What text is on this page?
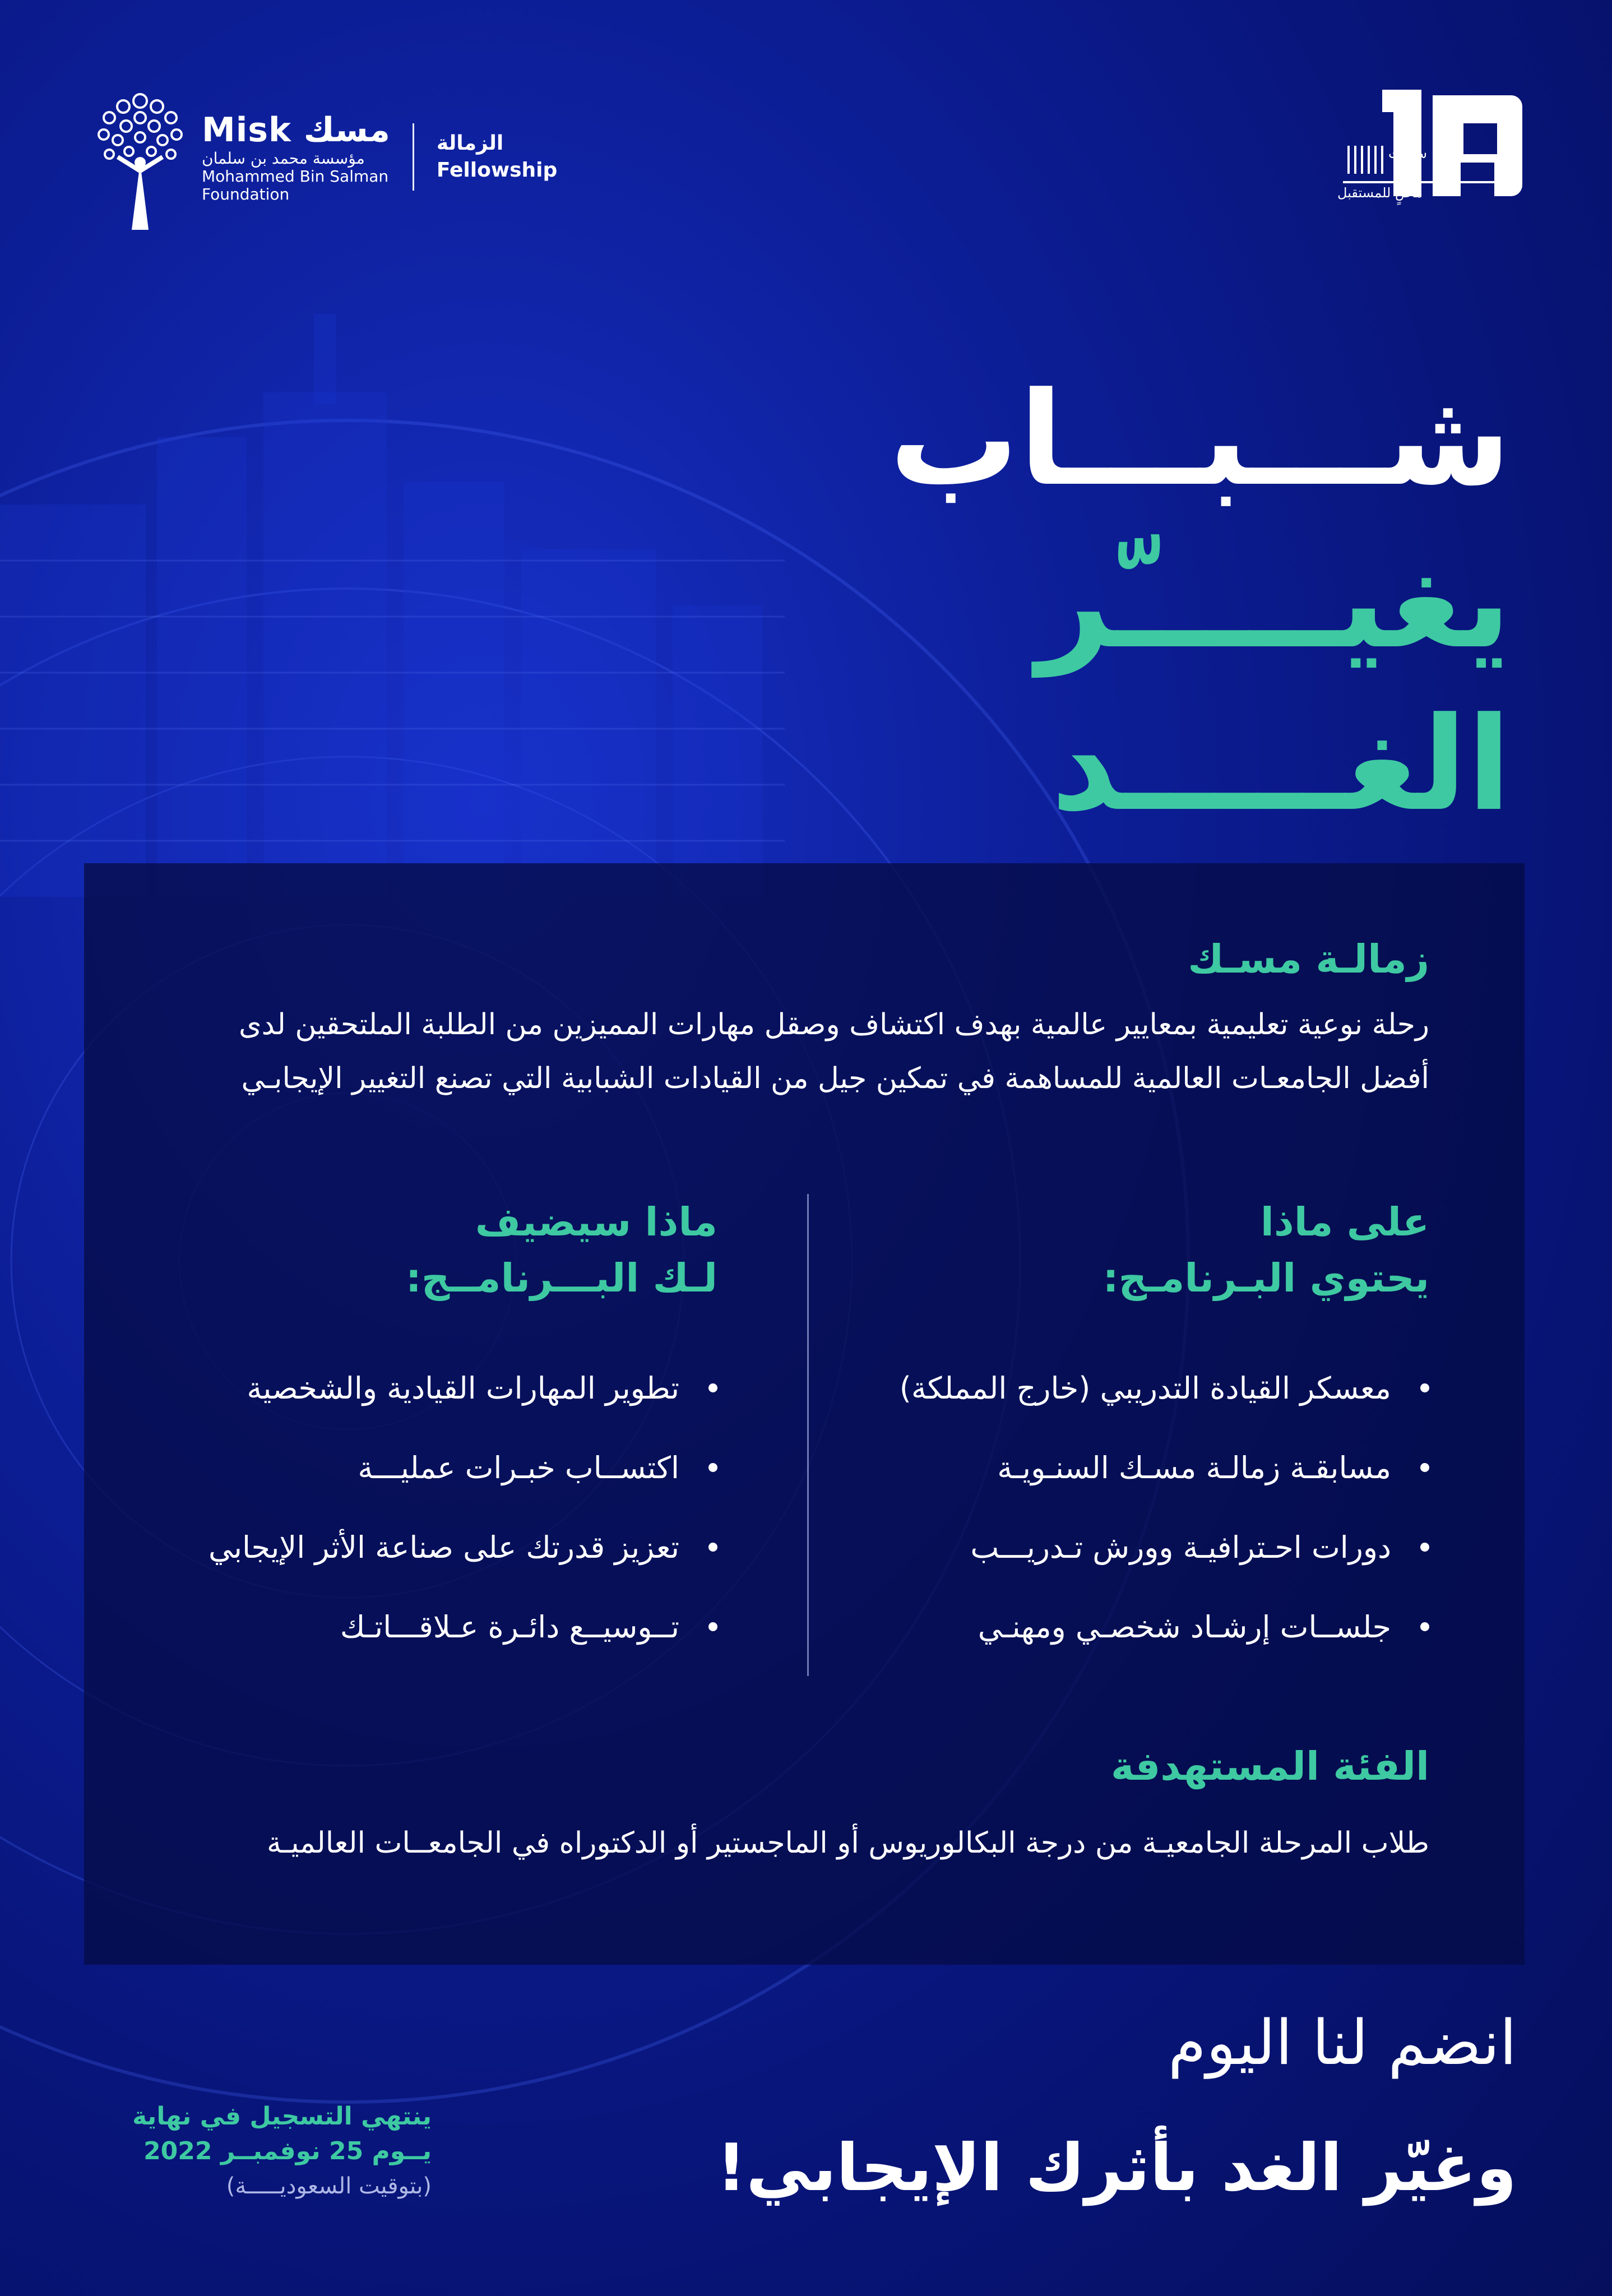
Misk مسك
مؤسسة محمد بن سلمان
Mohammed Bin Salman
Foundation
الزمالة
Fellowship
سنوات
ماضٍ للمستقبل
شـــبـــاب
يغيـــــّر
الغـــــد
زمالـة مسـك
رحلة نوعية تعليمية بمعايير عالمية بهدف اكتشاف وصقل مهارات المميزين من الطلبة الملتحقين لدى
أفضل الجامعـات العالمية للمساهمة في تمكين جيل من القيادات الشبابية التي تصنع التغيير الإيجابـي
على ماذا
يحتوي البـرنامـج:
معسكر القيادة التدريبي (خارج المملكة)
مسابقـة زمالـة مسـك السنـويـة
دورات احـترافيـة وورش تـدريـــب
جلســات إرشـاد شخصـي ومهنـي
ماذا سيضيف
لـك البـــرنامــج:
تطوير المهارات القيادية والشخصية
اكتســاب خبـرات عمليـــة
تعزيز قدرتك على صناعة الأثر الإيجابي
تــوسيــع دائـرة عـلاقـــاتـك
الفئة المستهدفة
طلاب المرحلة الجامعيـة من درجة البكالوريوس أو الماجستير أو الدكتوراه في الجامعــات العالميـة
انضم لنا اليوم
وغيّر الغد بأثرك الإيجابي!
ينتهي التسجيل في نهاية
يــوم 25 نوفمبــر 2022
(بتوقيت السعوديـــــة)
